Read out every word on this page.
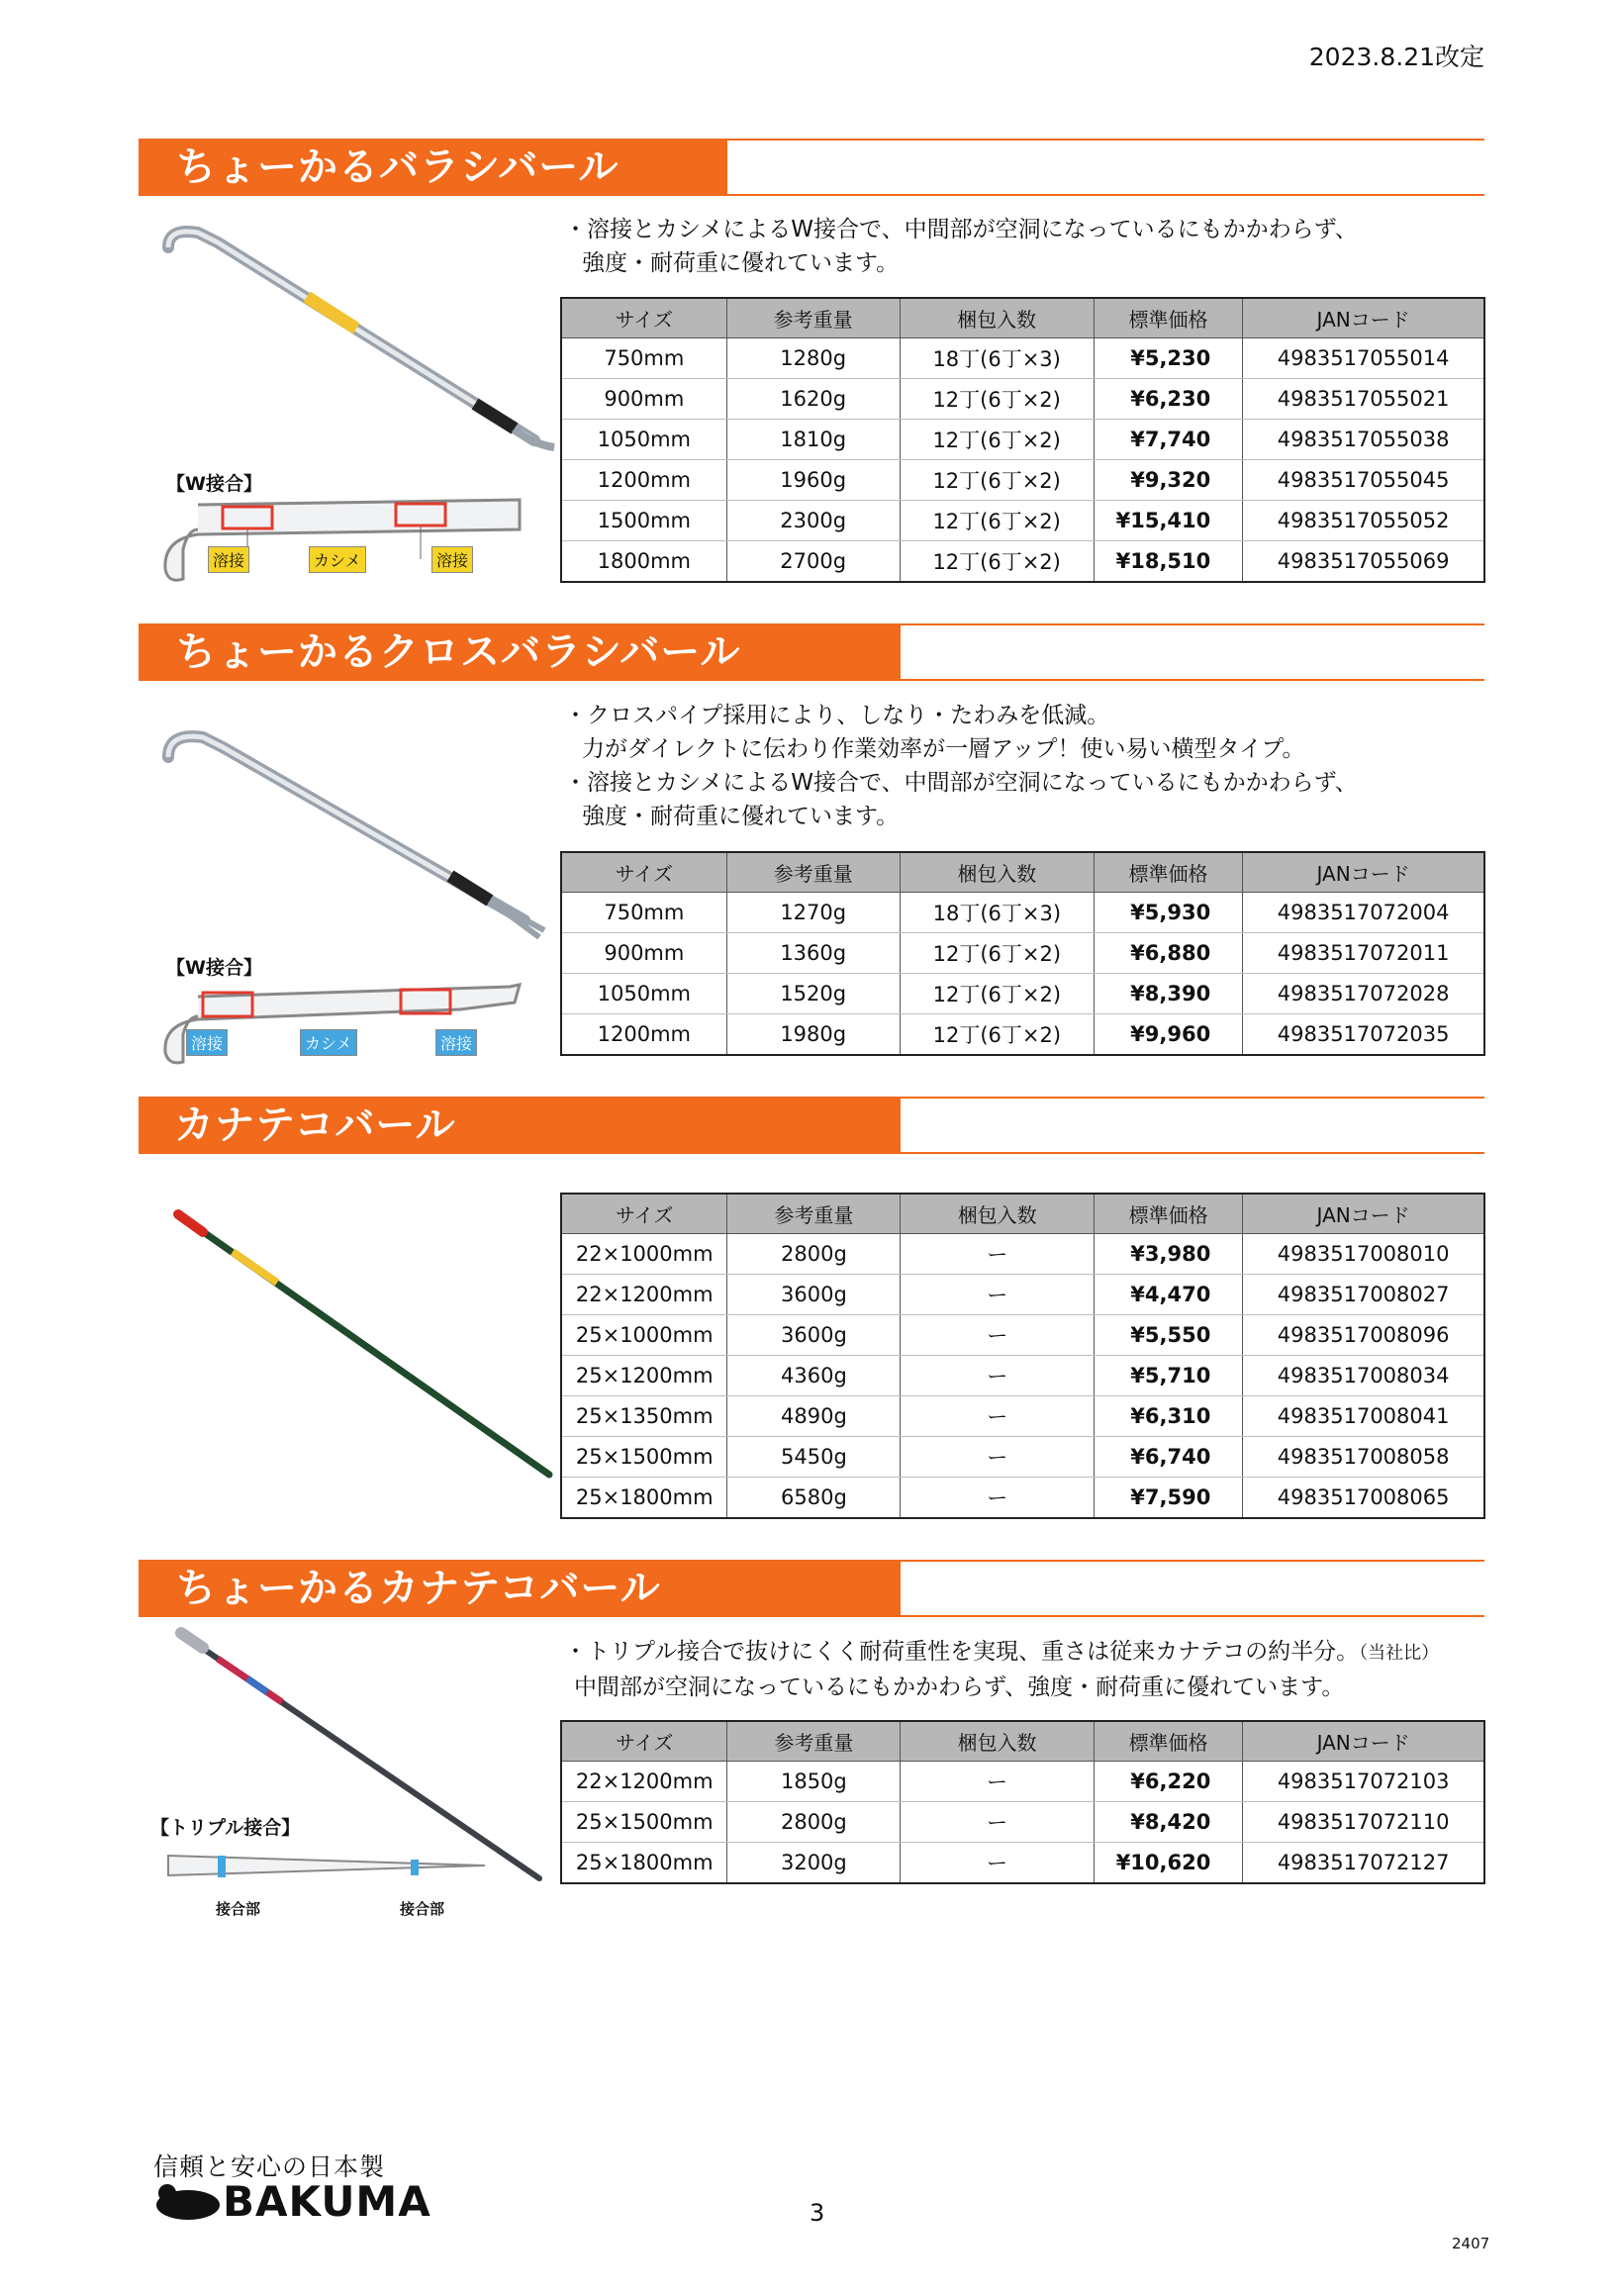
2023.8.21改定
ちょーかるバラシバール
・溶接とカシメによるW接合で、中間部が空洞になっているにもかかわらず、
強度・耐荷重に優れています。
【W接合】
溶接	カシメ	溶接
サイズ	参考重量	梱包入数	標準価格	JANコード
750mm	1280g	18丁(6丁×3)	¥5,230	4983517055014
900mm	1620g	12丁(6丁×2)	¥6,230	4983517055021
1050mm	1810g	12丁(6丁×2)	¥7,740	4983517055038
1200mm	1960g	12丁(6丁×2)	¥9,320	4983517055045
1500mm	2300g	12丁(6丁×2)	¥15,410	4983517055052
1800mm	2700g	12丁(6丁×2)	¥18,510	4983517055069
ちょーかるクロスバラシバール
・クロスパイプ採用により、しなり・たわみを低減。
力がダイレクトに伝わり作業効率が一層アップ！使い易い横型タイプ。
・溶接とカシメによるW接合で、中間部が空洞になっているにもかかわらず、
強度・耐荷重に優れています。
【W接合】
溶接	カシメ	溶接
サイズ	参考重量	梱包入数	標準価格	JANコード
750mm	1270g	18丁(6丁×3)	¥5,930	4983517072004
900mm	1360g	12丁(6丁×2)	¥6,880	4983517072011
1050mm	1520g	12丁(6丁×2)	¥8,390	4983517072028
1200mm	1980g	12丁(6丁×2)	¥9,960	4983517072035
カナテコバール
サイズ	参考重量	梱包入数	標準価格	JANコード
22×1000mm	2800g	ー	¥3,980	4983517008010
22×1200mm	3600g	ー	¥4,470	4983517008027
25×1000mm	3600g	ー	¥5,550	4983517008096
25×1200mm	4360g	ー	¥5,710	4983517008034
25×1350mm	4890g	ー	¥6,310	4983517008041
25×1500mm	5450g	ー	¥6,740	4983517008058
25×1800mm	6580g	ー	¥7,590	4983517008065
ちょーかるカナテコバール
・トリプル接合で抜けにくく耐荷重性を実現、重さは従来カナテコの約半分。（当社比）
中間部が空洞になっているにもかかわらず、強度・耐荷重に優れています。
【トリプル接合】
接合部	接合部
サイズ	参考重量	梱包入数	標準価格	JANコード
22×1200mm	1850g	ー	¥6,220	4983517072103
25×1500mm	2800g	ー	¥8,420	4983517072110
25×1800mm	3200g	ー	¥10,620	4983517072127
信頼と安心の日本製
BAKUMA	3
2407
